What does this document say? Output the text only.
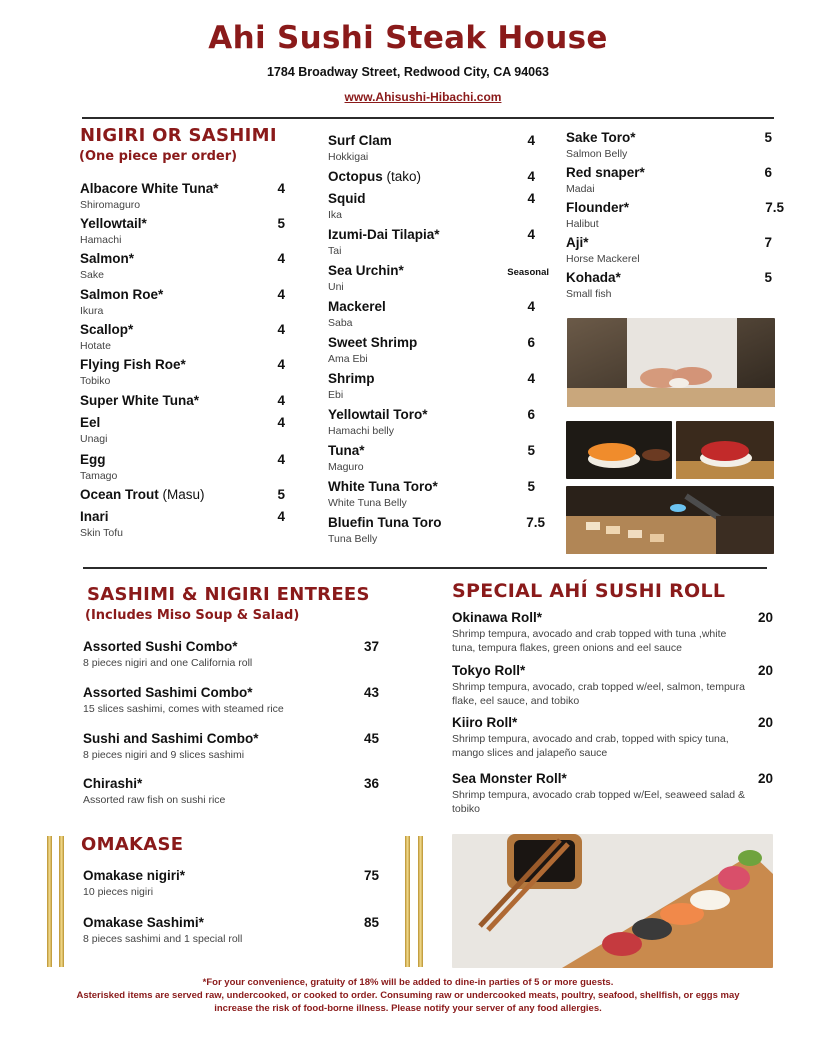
Ahi Sushi Steak House
1784 Broadway Street, Redwood City, CA 94063
www.Ahisushi-Hibachi.com
NIGIRI OR SASHIMI
(One piece per order)
Albacore White Tuna*	4
Shiromaguro
Yellowtail*	5
Hamachi
Salmon*	4
Sake
Salmon Roe*	4
Ikura
Scallop*	4
Hotate
Flying Fish Roe*	4
Tobiko
Super White Tuna*	4
Eel	4
Unagi
Egg	4
Tamago
Ocean Trout (Masu)	5
Inari	4
Skin Tofu
Surf Clam	4
Hokkigai
Octopus (tako)	4
Squid	4
Ika
Izumi-Dai Tilapia*	4
Tai
Sea Urchin*	Seasonal
Uni
Mackerel	4
Saba
Sweet Shrimp	6
Ama Ebi
Shrimp	4
Ebi
Yellowtail Toro*	6
Hamachi belly
Tuna*	5
Maguro
White Tuna Toro*	5
White Tuna Belly
Bluefin Tuna Toro	7.5
Tuna Belly
Sake Toro*	5
Salmon Belly
Red snaper*	6
Madai
Flounder*	7.5
Halibut
Aji*	7
Horse Mackerel
Kohada*	5
Small fish
SASHIMI & NIGIRI ENTREES
(Includes Miso Soup & Salad)
Assorted Sushi Combo*	37
8 pieces nigiri and one California roll
Assorted Sashimi Combo*	43
15 slices sashimi, comes with steamed rice
Sushi and Sashimi Combo*	45
8 pieces nigiri and 9 slices sashimi
Chirashi*	36
Assorted raw fish on sushi rice
OMAKASE
Omakase nigiri*	75
10 pieces nigiri
Omakase Sashimi*	85
8 pieces sashimi and 1 special roll
SPECIAL AHÍ SUSHI ROLL
Okinawa Roll*	20
Shrimp tempura, avocado and crab topped with tuna ,white tuna, tempura flakes, green onions and eel sauce
Tokyo Roll*	20
Shrimp tempura, avocado, crab topped w/eel, salmon, tempura flake, eel sauce, and tobiko
Kiiro Roll*	20
Shrimp tempura, avocado and crab, topped with spicy tuna, mango slices and jalapeño sauce
Sea Monster Roll*	20
Shrimp tempura, avocado crab topped w/Eel, seaweed salad & tobiko
*For your convenience, gratuity of 18% will be added to dine-in parties of 5 or more guests.
Asterisked items are served raw, undercooked, or cooked to order. Consuming raw or undercooked meats, poultry, seafood, shellfish, or eggs may
increase the risk of food-borne illness. Please notify your server of any food allergies.
